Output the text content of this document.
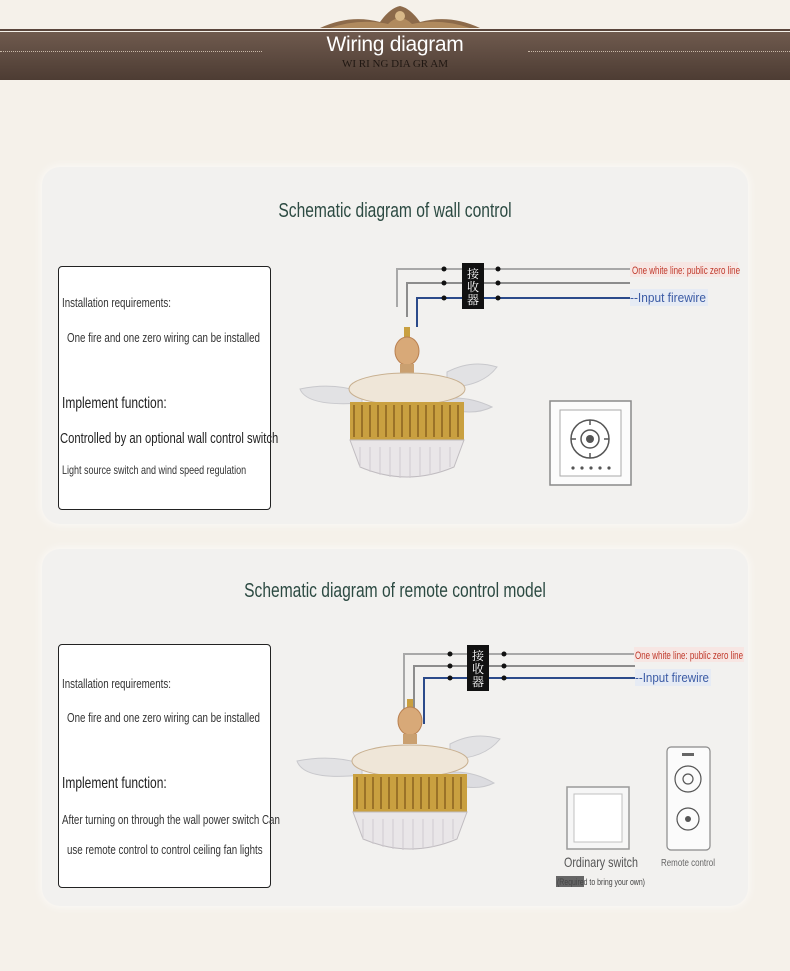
Wiring diagram
WI RI NG DIA GR AM
Schematic diagram of wall control
Installation requirements:
One fire and one zero wiring can be installed
Implement function:
Controlled by an optional wall control switch
Light source switch and wind speed regulation
接
收
器
One white line: public zero line
--Input firewire
Schematic diagram of remote control model
Installation requirements:
One fire and one zero wiring can be installed
Implement function:
After turning on through the wall power switch Can
use remote control to control ceiling fan lights
接
收
器
One white line: public zero line
--Input firewire
Ordinary switch
(Required to bring your own)
Remote control
